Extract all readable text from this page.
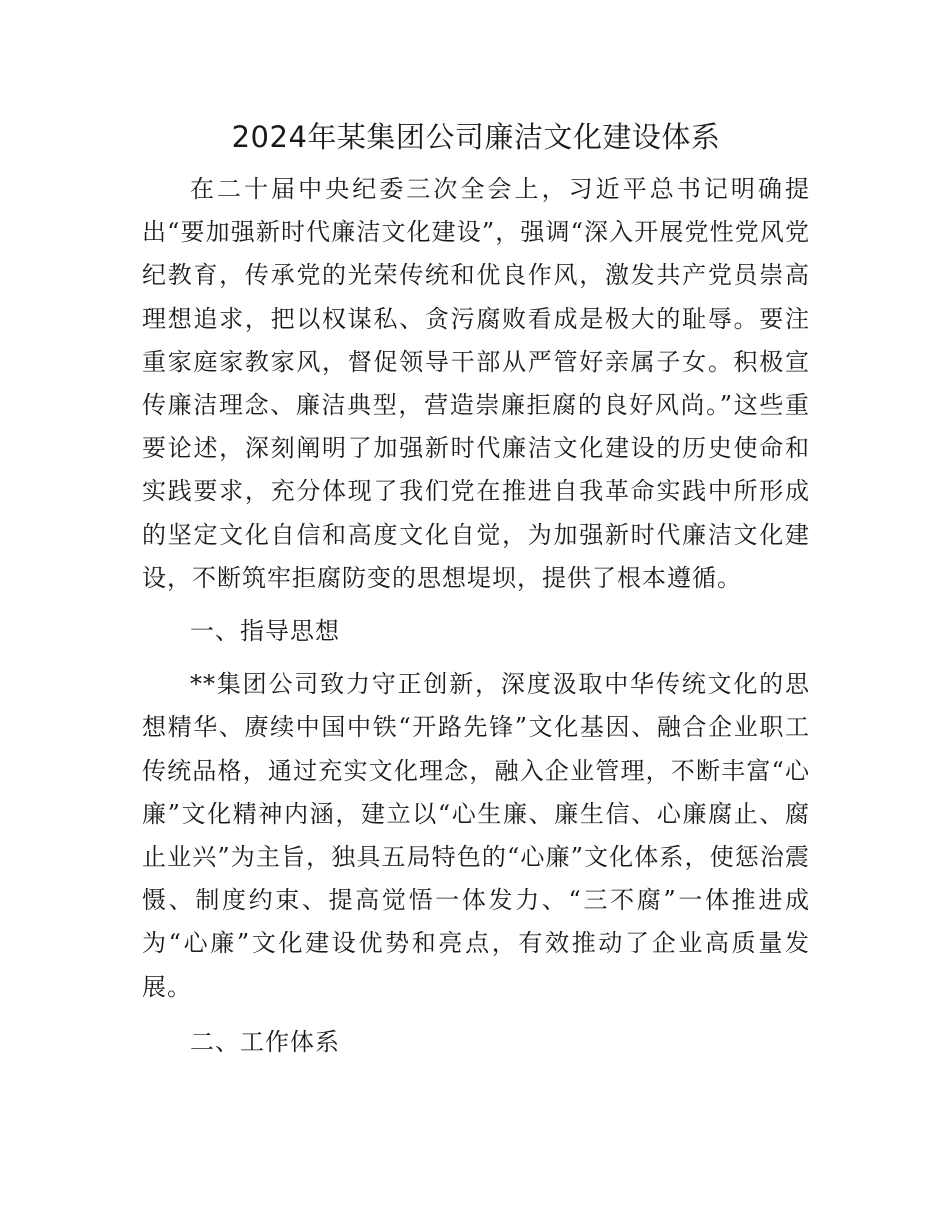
2024年某集团公司廉洁文化建设体系

在二十届中央纪委三次全会上，习近平总书记明确提出“要加强新时代廉洁文化建设”，强调“深入开展党性党风党纪教育，传承党的光荣传统和优良作风，激发共产党员崇高理想追求，把以权谋私、贪污腐败看成是极大的耻辱。要注重家庭家教家风，督促领导干部从严管好亲属子女。积极宣传廉洁理念、廉洁典型，营造崇廉拒腐的良好风尚。”这些重要论述，深刻阐明了加强新时代廉洁文化建设的历史使命和实践要求，充分体现了我们党在推进自我革命实践中所形成的坚定文化自信和高度文化自觉，为加强新时代廉洁文化建设，不断筑牢拒腐防变的思想堤坝，提供了根本遵循。

一、指导思想

**集团公司致力守正创新，深度汲取中华传统文化的思想精华、赓续中国中铁“开路先锋”文化基因、融合企业职工传统品格，通过充实文化理念，融入企业管理，不断丰富“心廉”文化精神内涵，建立以“心生廉、廉生信、心廉腐止、腐止业兴”为主旨，独具五局特色的“心廉”文化体系，使惩治震慑、制度约束、提高觉悟一体发力、“三不腐”一体推进成为“心廉”文化建设优势和亮点，有效推动了企业高质量发展。

二、工作体系
